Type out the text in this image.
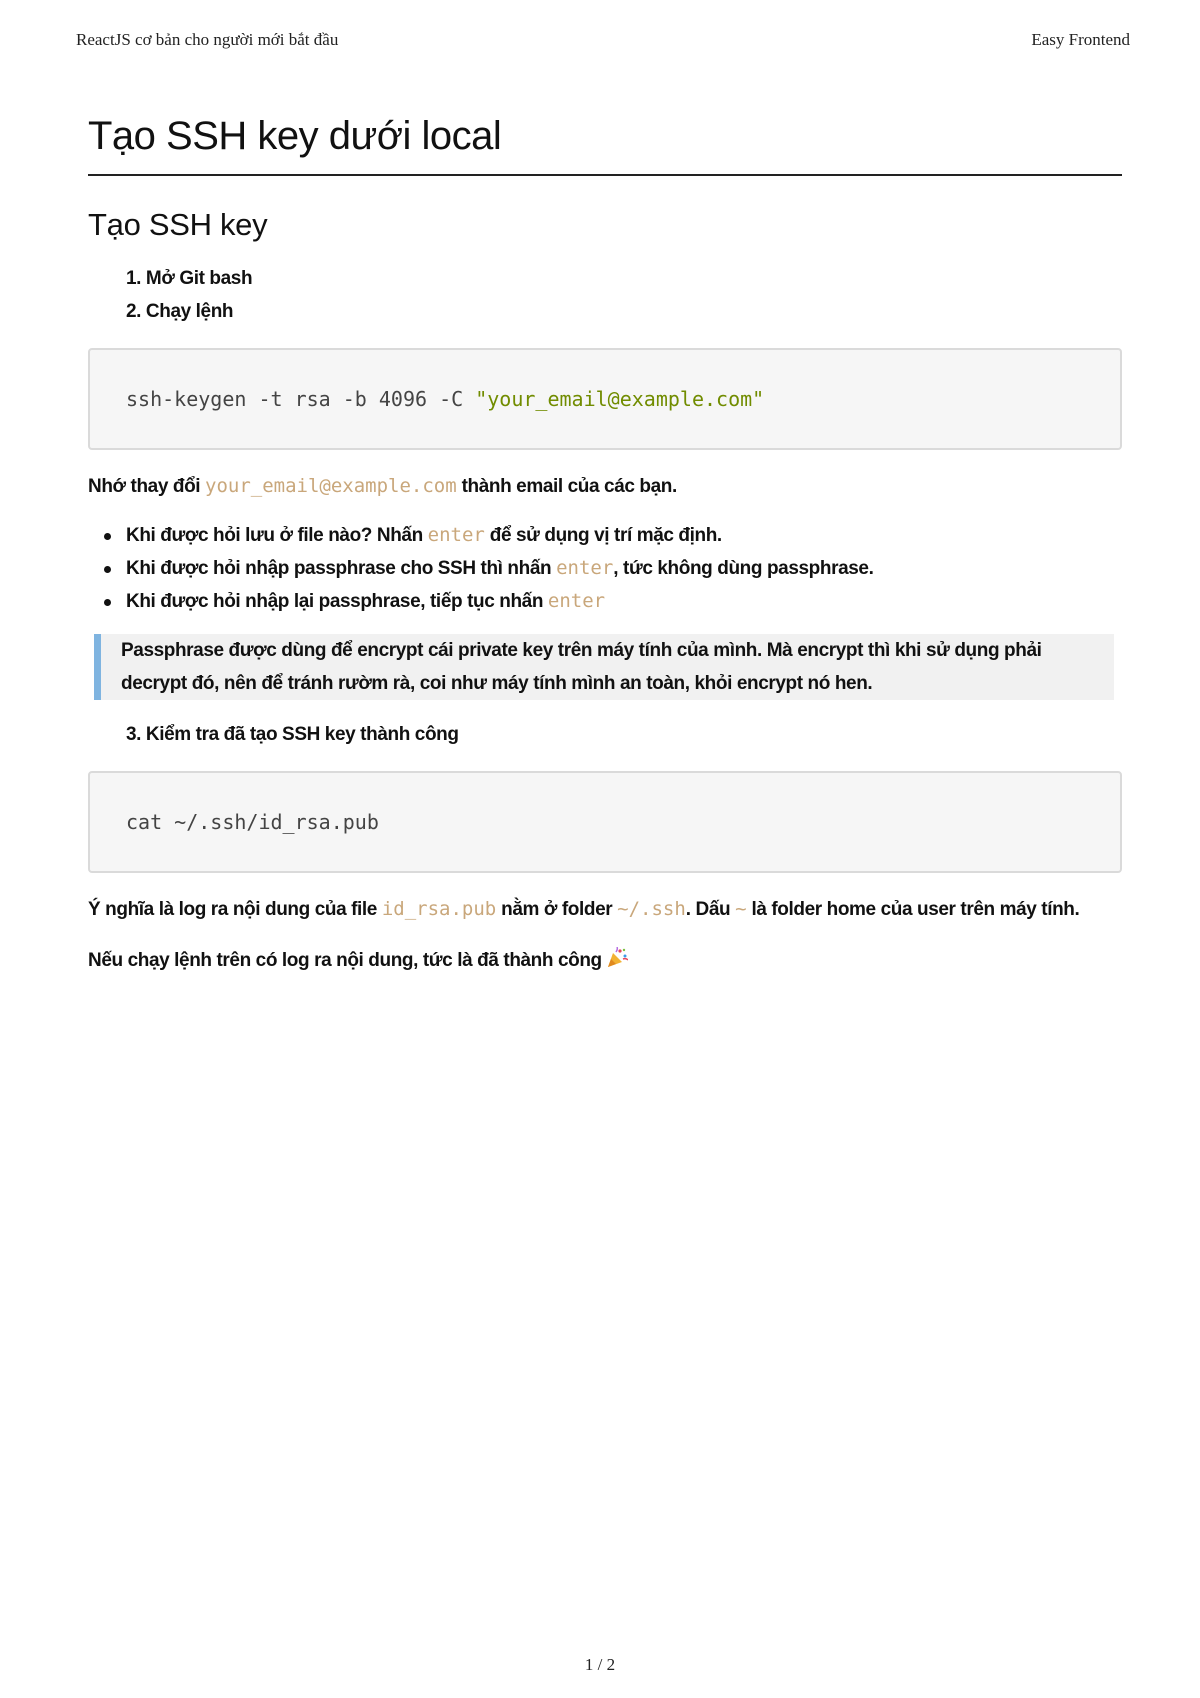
ReactJS cơ bản cho người mới bắt đầu	Easy Frontend
Tạo SSH key dưới local
Tạo SSH key
1. Mở Git bash
2. Chạy lệnh
ssh-keygen -t rsa -b 4096 -C "your_email@example.com"

Nhớ thay đổi your_email@example.com thành email của các bạn.

Khi được hỏi lưu ở file nào? Nhấn enter để sử dụng vị trí mặc định.
Khi được hỏi nhập passphrase cho SSH thì nhấn enter, tức không dùng passphrase.
Khi được hỏi nhập lại passphrase, tiếp tục nhấn enter
Passphrase được dùng để encrypt cái private key trên máy tính của mình. Mà encrypt thì khi sử dụng phải decrypt đó, nên để tránh rườm rà, coi như máy tính mình an toàn, khỏi encrypt nó hen.
3. Kiểm tra đã tạo SSH key thành công
cat ~/.ssh/id_rsa.pub

Ý nghĩa là log ra nội dung của file id_rsa.pub nằm ở folder ~/.ssh. Dấu ~ là folder home của user trên máy tính.

Nếu chạy lệnh trên có log ra nội dung, tức là đã thành công

1 / 2
